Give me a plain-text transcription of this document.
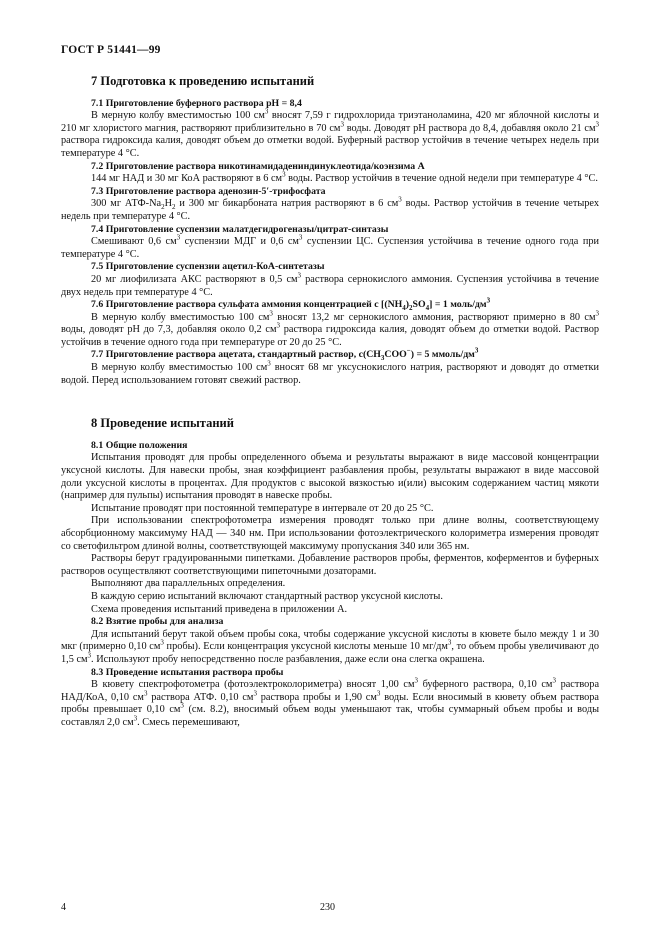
ГОСТ Р 51441—99
7 Подготовка к проведению испытаний
7.1 Приготовление буферного раствора pH = 8,4

В мерную колбу вместимостью 100 $см^3$ вносят 7,59 г гидрохлорида триэтаноламина, 420 мг яблочной кислоты и 210 мг хлористого магния, растворяют приблизительно в 70 $см^3$ воды. Доводят pH раствора до 8,4, добавляя около 21 $см^3$ раствора гидроксида калия, доводят объем до отметки водой. Буферный раствор устойчив в течение четырех недель при температуре 4 °С.

7.2 Приготовление раствора никотинамидадениндинуклеотида/коэнзима А

144 мг НАД и 30 мг КоА растворяют в 6 $см^3$ воды. Раствор устойчив в течение одной недели при температуре 4 °С.

7.3 Приготовление раствора аденозин-5′-трифосфата

300 мг АТФ-$Na_2H_2$ и 300 мг бикарбоната натрия растворяют в 6 $см^3$ воды. Раствор устойчив в течение четырех недель при температуре 4 °С.

7.4 Приготовление суспензии малатдегидрогеназы/цитрат-синтазы

Смешивают 0,6 $см^3$ суспензии МДГ и 0,6 $см^3$ суспензии ЦС. Суспензия устойчива в течение одного года при температуре 4 °С.

7.5 Приготовление суспензии ацетил-КоА-синтетазы

20 мг лиофилизата АКС растворяют в 0,5 $см^3$ раствора сернокислого аммония. Суспензия устойчива в течение двух недель при температуре 4 °С.

7.6 Приготовление раствора сульфата аммония концентрацией с $[(NH_4)_2SO_4] = 1$ моль/$дм^3$

В мерную колбу вместимостью 100 $см^3$ вносят 13,2 мг сернокислого аммония, растворяют примерно в 80 $см^3$ воды, доводят pH до 7,3, добавляя около 0,2 $см^3$ раствора гидроксида калия, доводят объем до отметки водой. Раствор устойчив в течение одного года при температуре от 20 до 25 °С.

7.7 Приготовление раствора ацетата, стандартный раствор, $с(CH_3COO^-) = 5$ ммоль/$дм^3$

В мерную колбу вместимостью 100 $см^3$ вносят 68 мг уксуснокислого натрия, растворяют и доводят до отметки водой. Перед использованием готовят свежий раствор.

8 Проведение испытаний
8.1 Общие положения

Испытания проводят для пробы определенного объема и результаты выражают в виде массовой концентрации уксусной кислоты. Для навески пробы, зная коэффициент разбавления пробы, результаты выражают в виде массовой доли уксусной кислоты в процентах. Для продуктов с высокой вязкостью и(или) высоким содержанием частиц мякоти (например для пульпы) испытания проводят в навеске пробы.

Испытание проводят при постоянной температуре в интервале от 20 до 25 °С.

При использовании спектрофотометра измерения проводят только при длине волны, соответствующему абсорбционному максимуму НАД — 340 нм. При использовании фотоэлектрического колориметра измерения проводят со светофильтром длиной волны, соответствующей максимуму пропускания 340 или 365 нм.

Растворы берут градуированными пипетками. Добавление растворов пробы, ферментов, коферментов и буферных растворов осуществляют соответствующими пипеточными дозаторами.

Выполняют два параллельных определения.

В каждую серию испытаний включают стандартный раствор уксусной кислоты.

Схема проведения испытаний приведена в приложении А.

8.2 Взятие пробы для анализа

Для испытаний берут такой объем пробы сока, чтобы содержание уксусной кислоты в кювете было между 1 и 30 мкг (примерно 0,10 $см^3$ пробы). Если концентрация уксусной кислоты меньше 10 $мг/дм^3$, то объем пробы увеличивают до 1,5 $см^3$. Используют пробу непосредственно после разбавления, даже если она слегка окрашена.

8.3 Проведение испытания раствора пробы

В кювету спектрофотометра (фотоэлектроколориметра) вносят 1,00 $см^3$ буферного раствора, 0,10 $см^3$ раствора НАД/КоА, 0,10 $см^3$ раствора АТФ. 0,10 $см^3$ раствора пробы и 1,90 $см^3$ воды. Если вносимый в кювету объем раствора пробы превышает 0,10 $см^3$ (см. 8.2), вносимый объем воды уменьшают так, чтобы суммарный объем пробы и воды составлял 2,0 $см^3$. Смесь перемешивают,

4	230
